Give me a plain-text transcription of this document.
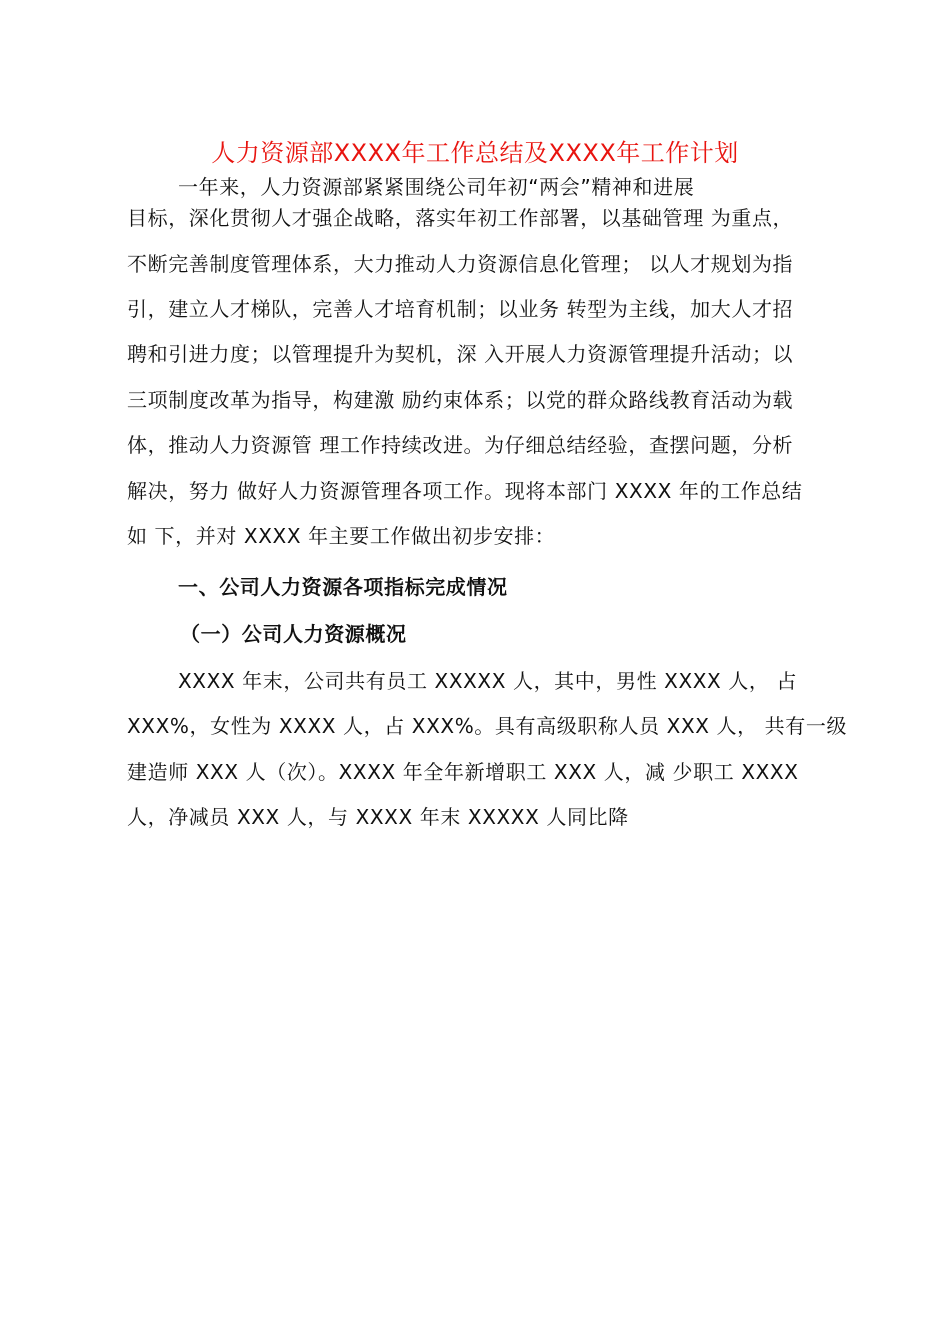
人力资源部XXXX年工作总结及XXXX年工作计划
一年来，人力资源部紧紧围绕公司年初“两会”精神和进展
目标，深化贯彻人才强企战略，落实年初工作部署，以基础管理 为重点，
不断完善制度管理体系，大力推动人力资源信息化管理； 以人才规划为指
引，建立人才梯队，完善人才培育机制；以业务 转型为主线，加大人才招
聘和引进力度；以管理提升为契机，深 入开展人力资源管理提升活动；以
三项制度改革为指导，构建激 励约束体系；以党的群众路线教育活动为载
体，推动人力资源管 理工作持续改进。为仔细总结经验，查摆问题，分析
解决，努力 做好人力资源管理各项工作。现将本部门 XXXX 年的工作总结
如 下，并对 XXXX 年主要工作做出初步安排：
一、公司人力资源各项指标完成情况
（一）公司人力资源概况
XXXX 年末，公司共有员工 XXXXX 人，其中，男性 XXXX 人， 占
XXX%，女性为 XXXX 人，占 XXX%。具有高级职称人员 XXX 人， 共有一级
建造师 XXX 人（次）。XXXX 年全年新增职工 XXX 人，减 少职工 XXXX
人，净减员 XXX 人，与 XXXX 年末 XXXXX 人同比降
